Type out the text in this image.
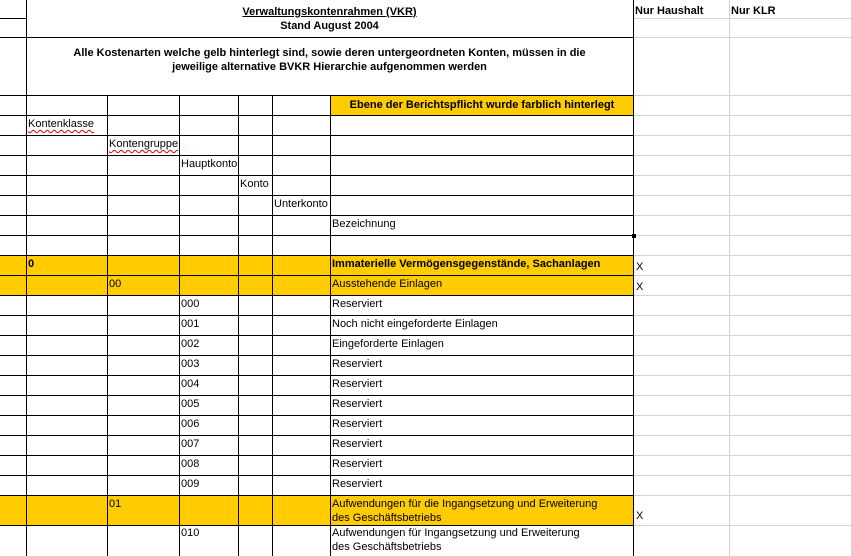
Verwaltungskontenrahmen (VKR)
Stand August 2004
Alle Kostenarten welche gelb hinterlegt sind, sowie deren untergeordneten Konten, müssen in die
jeweilige alternative BVKR Hierarchie aufgenommen werden
Ebene der Berichtspflicht wurde farblich hinterlegt
Nur Haushalt	Nur KLR
Kontenklasse
Kontengruppe
Hauptkonto
Konto
Unterkonto
Bezeichnung
0	Immaterielle Vermögensgegenstände, Sachanlagen	X
00	Ausstehende Einlagen	X
000	Reserviert
001	Noch nicht eingeforderte Einlagen
002	Eingeforderte Einlagen
003	Reserviert
004	Reserviert
005	Reserviert
006	Reserviert
007	Reserviert
008	Reserviert
009	Reserviert
01	Aufwendungen für die Ingangsetzung und Erweiterung
des Geschäftsbetriebs	X
010	Aufwendungen für Ingangsetzung und Erweiterung
des Geschäftsbetriebs
